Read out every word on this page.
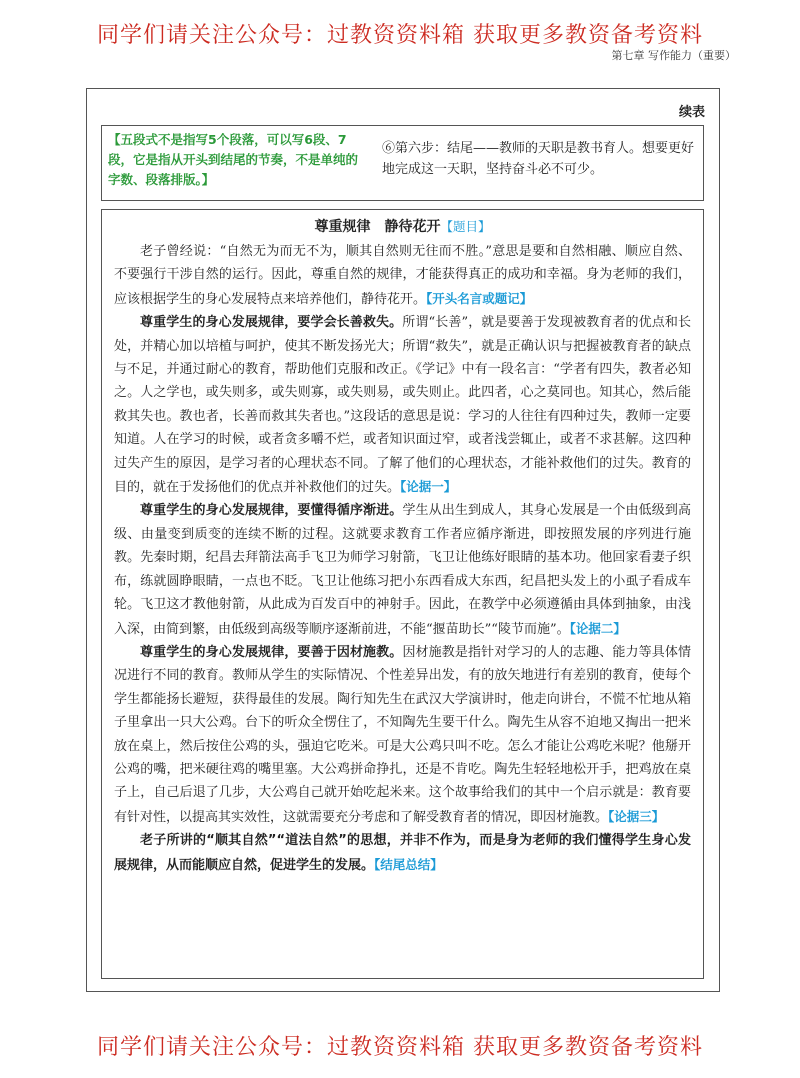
同学们请关注公众号：过教资资料箱 获取更多教资备考资料
第七章 写作能力（重要）
续表
【五段式不是指写5个段落，可以写6段、7段，它是指从开头到结尾的节奏，不是单纯的字数、段落排版。】
⑥第六步：结尾——教师的天职是教书育人。想要更好地完成这一天职，坚持奋斗必不可少。
尊重规律　静待花开【题目】

老子曾经说：“自然无为而无不为，顺其自然则无往而不胜。”意思是要和自然相融、顺应自然、不要强行干涉自然的运行。因此，尊重自然的规律，才能获得真正的成功和幸福。身为老师的我们，应该根据学生的身心发展特点来培养他们，静待花开。【开头名言或题记】

尊重学生的身心发展规律，要学会长善救失。所谓“长善”，就是要善于发现被教育者的优点和长处，并精心加以培植与呵护，使其不断发扬光大；所谓“救失”，就是正确认识与把握被教育者的缺点与不足，并通过耐心的教育，帮助他们克服和改正。《学记》中有一段名言：“学者有四失，教者必知之。人之学也，或失则多，或失则寡，或失则易，或失则止。此四者，心之莫同也。知其心，然后能救其失也。教也者，长善而救其失者也。”这段话的意思是说：学习的人往往有四种过失，教师一定要知道。人在学习的时候，或者贪多嚼不烂，或者知识面过窄，或者浅尝辄止，或者不求甚解。这四种过失产生的原因，是学习者的心理状态不同。了解了他们的心理状态，才能补救他们的过失。教育的目的，就在于发扬他们的优点并补救他们的过失。【论据一】

尊重学生的身心发展规律，要懂得循序渐进。学生从出生到成人，其身心发展是一个由低级到高级、由量变到质变的连续不断的过程。这就要求教育工作者应循序渐进，即按照发展的序列进行施教。先秦时期，纪昌去拜箭法高手飞卫为师学习射箭，飞卫让他练好眼睛的基本功。他回家看妻子织布，练就圆睁眼睛，一点也不眨。飞卫让他练习把小东西看成大东西，纪昌把头发上的小虱子看成车轮。飞卫这才教他射箭，从此成为百发百中的神射手。因此，在教学中必须遵循由具体到抽象，由浅入深，由简到繁，由低级到高级等顺序逐渐前进，不能“揠苗助长”“陵节而施”。【论据二】

尊重学生的身心发展规律，要善于因材施教。因材施教是指针对学习的人的志趣、能力等具体情况进行不同的教育。教师从学生的实际情况、个性差异出发，有的放矢地进行有差别的教育，使每个学生都能扬长避短，获得最佳的发展。陶行知先生在武汉大学演讲时，他走向讲台，不慌不忙地从箱子里拿出一只大公鸡。台下的听众全愣住了，不知陶先生要干什么。陶先生从容不迫地又掏出一把米放在桌上，然后按住公鸡的头，强迫它吃米。可是大公鸡只叫不吃。怎么才能让公鸡吃米呢？他掰开公鸡的嘴，把米硬往鸡的嘴里塞。大公鸡拼命挣扎，还是不肯吃。陶先生轻轻地松开手，把鸡放在桌子上，自己后退了几步，大公鸡自己就开始吃起米来。这个故事给我们的其中一个启示就是：教育要有针对性，以提高其实效性，这就需要充分考虑和了解受教育者的情况，即因材施教。【论据三】

老子所讲的“顺其自然”“道法自然”的思想，并非不作为，而是身为老师的我们懂得学生身心发展规律，从而能顺应自然，促进学生的发展。【结尾总结】

同学们请关注公众号：过教资资料箱 获取更多教资备考资料
